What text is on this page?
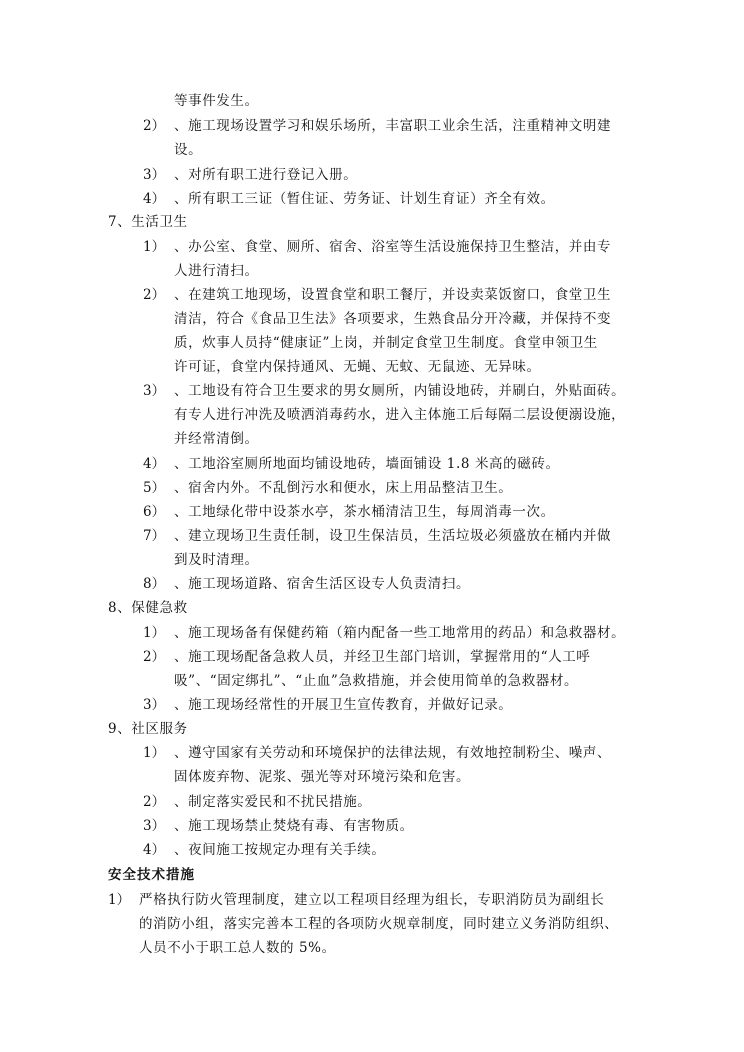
等事件发生。
2） 、施工现场设置学习和娱乐场所，丰富职工业余生活，注重精神文明建
设。
3） 、对所有职工进行登记入册。
4） 、所有职工三证（暂住证、劳务证、计划生育证）齐全有效。
7、生活卫生
1） 、办公室、食堂、厕所、宿舍、浴室等生活设施保持卫生整洁，并由专
人进行清扫。
2） 、在建筑工地现场，设置食堂和职工餐厅，并设卖菜饭窗口，食堂卫生
清洁，符合《食品卫生法》各项要求，生熟食品分开冷藏，并保持不变
质，炊事人员持“健康证”上岗，并制定食堂卫生制度。食堂申领卫生
许可证，食堂内保持通风、无蝇、无蚊、无鼠迹、无异味。
3） 、工地设有符合卫生要求的男女厕所，内铺设地砖，并刷白，外贴面砖。
有专人进行冲洗及喷洒消毒药水，进入主体施工后每隔二层设便溺设施，
并经常清倒。
4） 、工地浴室厕所地面均铺设地砖，墙面铺设 1.8 米高的磁砖。
5） 、宿舍内外。不乱倒污水和便水，床上用品整洁卫生。
6） 、工地绿化带中设茶水亭，茶水桶清洁卫生，每周消毒一次。
7） 、建立现场卫生责任制，设卫生保洁员，生活垃圾必须盛放在桶内并做
到及时清理。
8） 、施工现场道路、宿舍生活区设专人负责清扫。
8、保健急救
1） 、施工现场备有保健药箱（箱内配备一些工地常用的药品）和急救器材。
2） 、施工现场配备急救人员，并经卫生部门培训，掌握常用的“人工呼
吸”、“固定绑扎”、“止血”急救措施，并会使用简单的急救器材。
3） 、施工现场经常性的开展卫生宣传教育，并做好记录。
9、社区服务
1） 、遵守国家有关劳动和环境保护的法律法规，有效地控制粉尘、噪声、
固体废弃物、泥浆、强光等对环境污染和危害。
2） 、制定落实爱民和不扰民措施。
3） 、施工现场禁止焚烧有毒、有害物质。
4） 、夜间施工按规定办理有关手续。
安全技术措施
1） 严格执行防火管理制度，建立以工程项目经理为组长，专职消防员为副组长
的消防小组，落实完善本工程的各项防火规章制度，同时建立义务消防组织、
人员不小于职工总人数的 5%。
